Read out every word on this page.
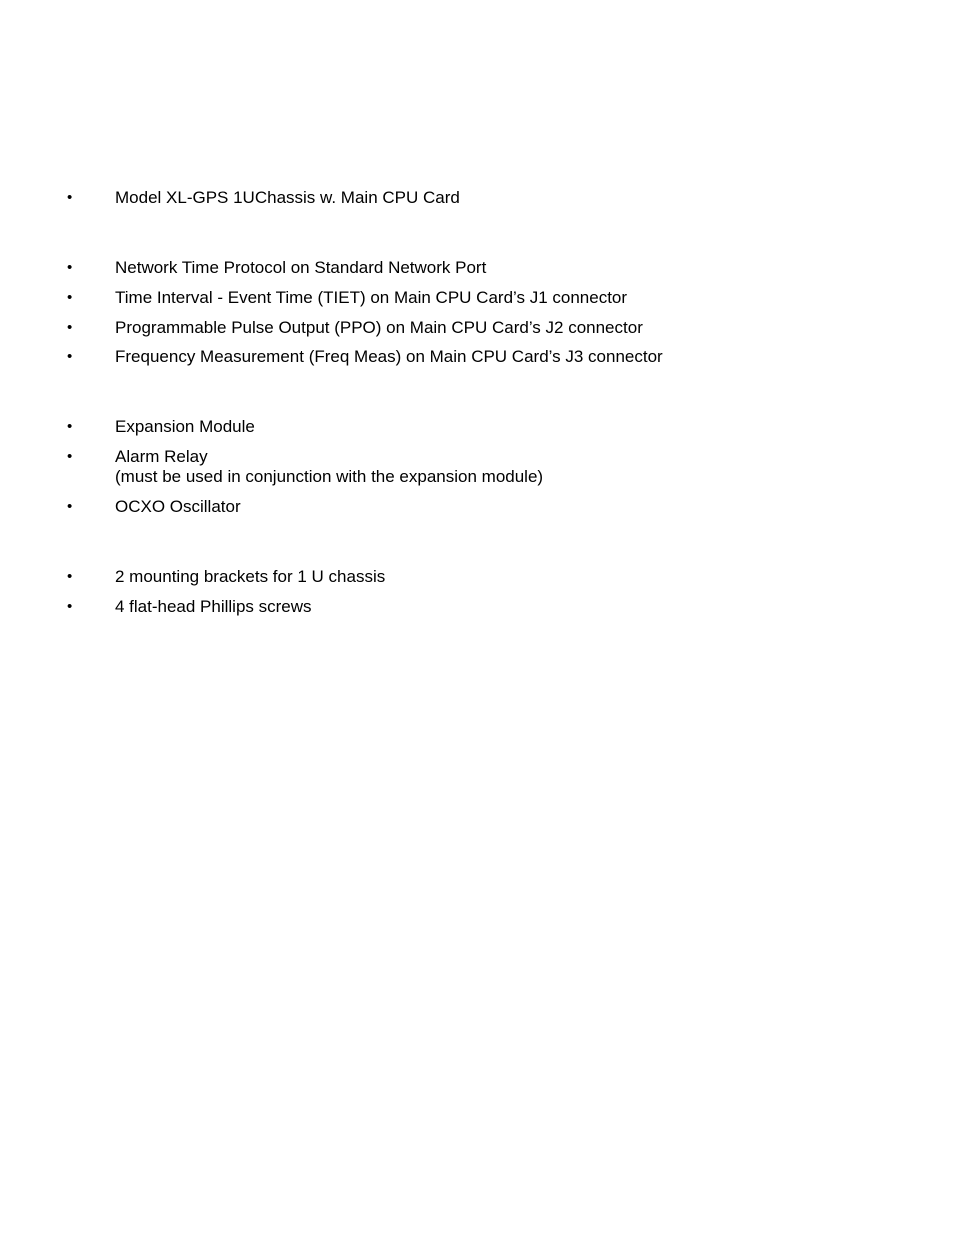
•	Model XL-GPS 1UChassis w. Main CPU Card
•	Network Time Protocol on Standard Network Port
•	Time Interval - Event Time (TIET) on Main CPU Card’s J1 connector
•	Programmable Pulse Output (PPO) on Main CPU Card’s J2 connector
•	Frequency Measurement (Freq Meas) on Main CPU Card’s J3 connector
•	Expansion Module
•	Alarm Relay
(must be used in conjunction with the expansion module)
•	OCXO Oscillator
•	2 mounting brackets for 1 U chassis
•	4 flat-head Phillips screws
